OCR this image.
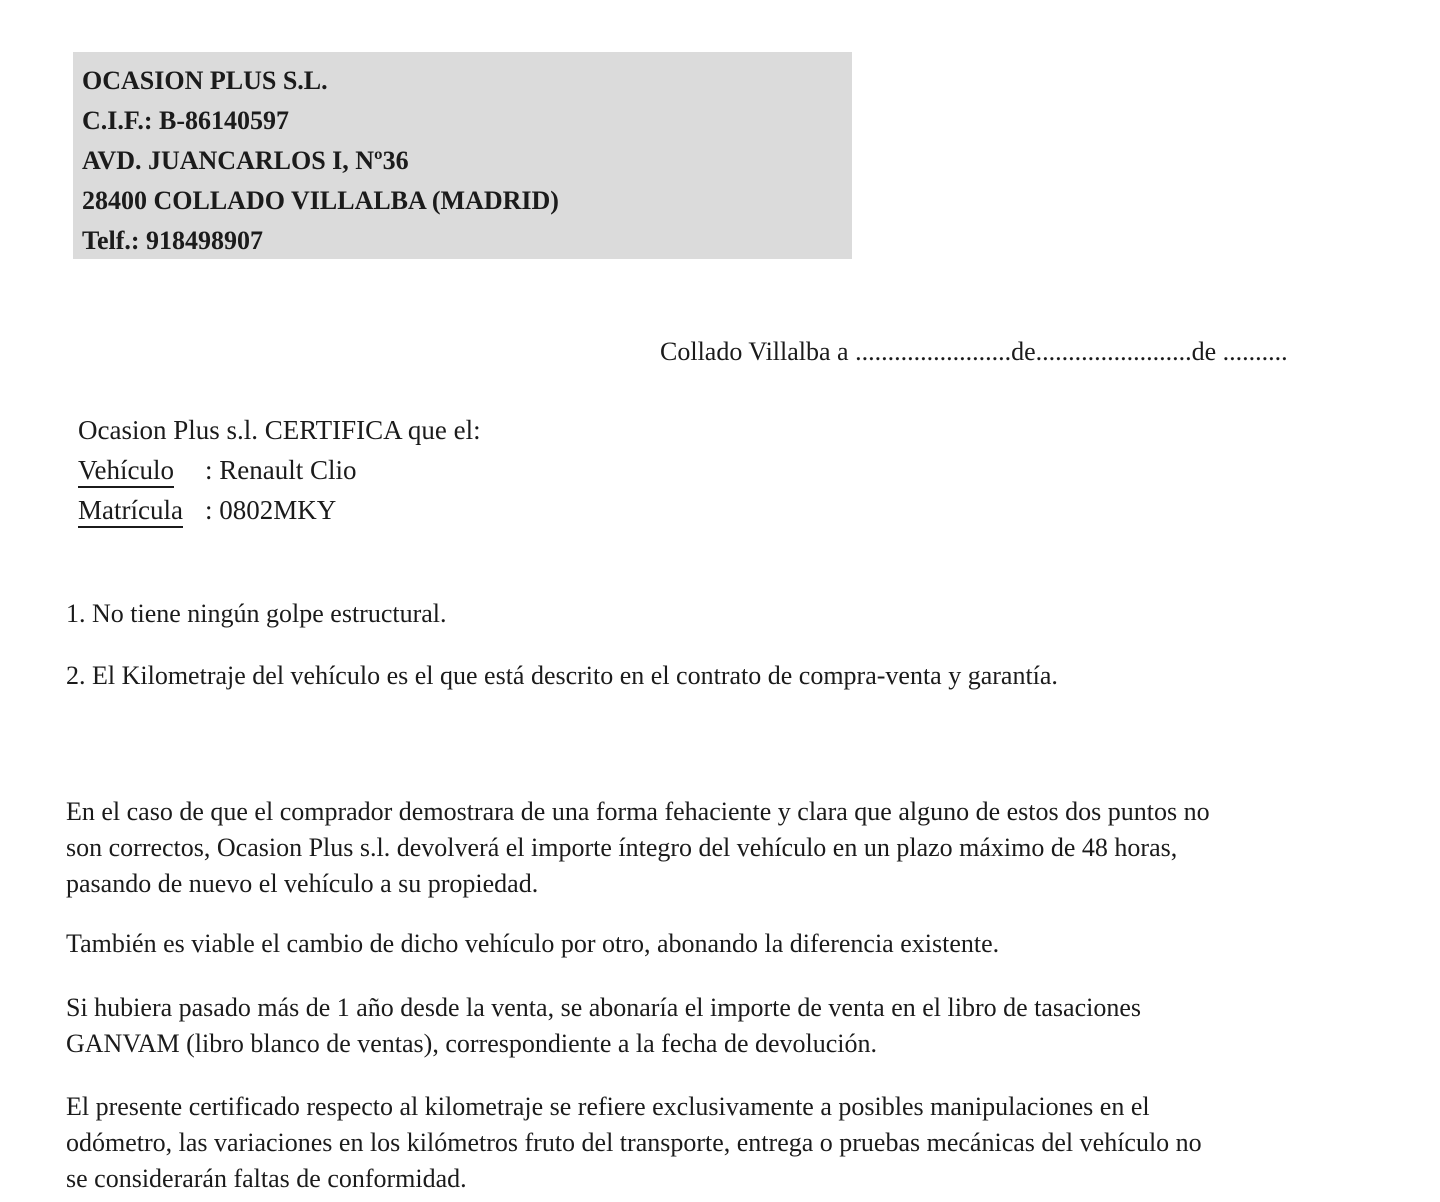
OCASION PLUS S.L.
C.I.F.: B-86140597
AVD. JUANCARLOS I, Nº36
28400 COLLADO VILLALBA (MADRID)
Telf.: 918498907
Collado Villalba a ........................de........................de ..........
Ocasion Plus s.l. CERTIFICA que el:
Vehículo : Renault Clio
Matrícula : 0802MKY
1. No tiene ningún golpe estructural.
2. El Kilometraje del vehículo es el que está descrito en el contrato de compra-venta y garantía.
En el caso de que el comprador demostrara de una forma fehaciente y clara que alguno de estos dos puntos no
son correctos, Ocasion Plus s.l. devolverá el importe íntegro del vehículo en un plazo máximo de 48 horas,
pasando de nuevo el vehículo a su propiedad.
También es viable el cambio de dicho vehículo por otro, abonando la diferencia existente.
Si hubiera pasado más de 1 año desde la venta, se abonaría el importe de venta en el libro de tasaciones
GANVAM (libro blanco de ventas), correspondiente a la fecha de devolución.
El presente certificado respecto al kilometraje se refiere exclusivamente a posibles manipulaciones en el
odómetro, las variaciones en los kilómetros fruto del transporte, entrega o pruebas mecánicas del vehículo no
se considerarán faltas de conformidad.
